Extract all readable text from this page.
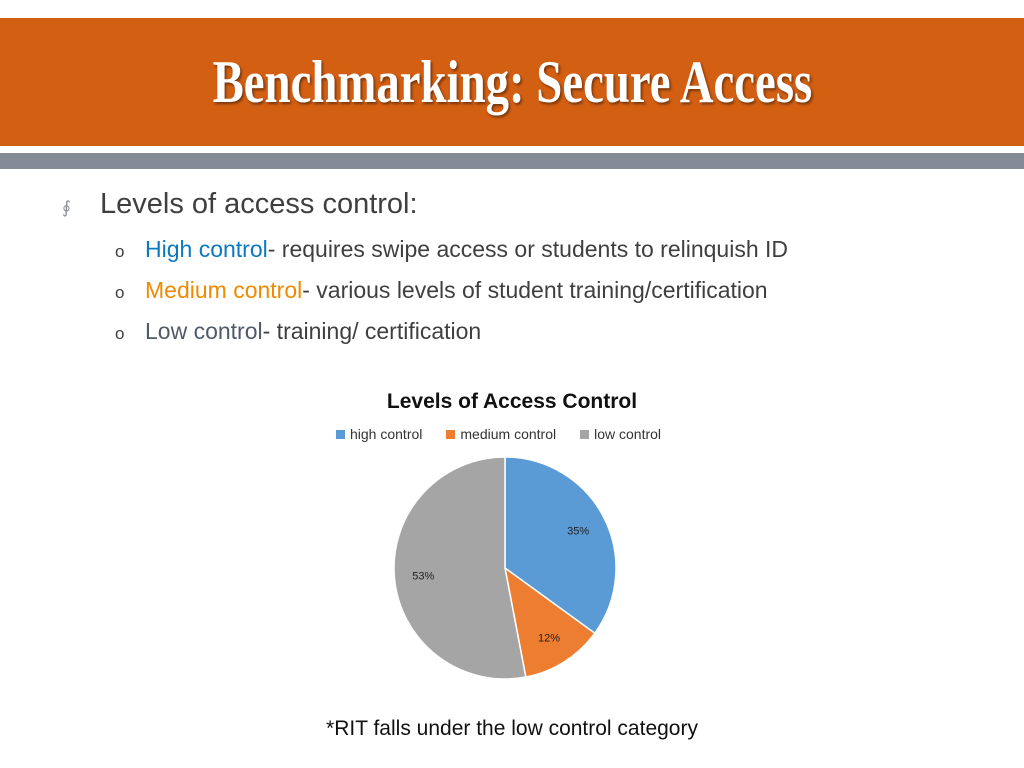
Benchmarking: Secure Access
∮	Levels of access control:
o High control - requires swipe access or students to relinquish ID
o Medium control - various levels of student training/certification
o Low control - training/ certification
Levels of Access Control
high control	medium control	low control
35%
12%
53%
*RIT falls under the low control category
